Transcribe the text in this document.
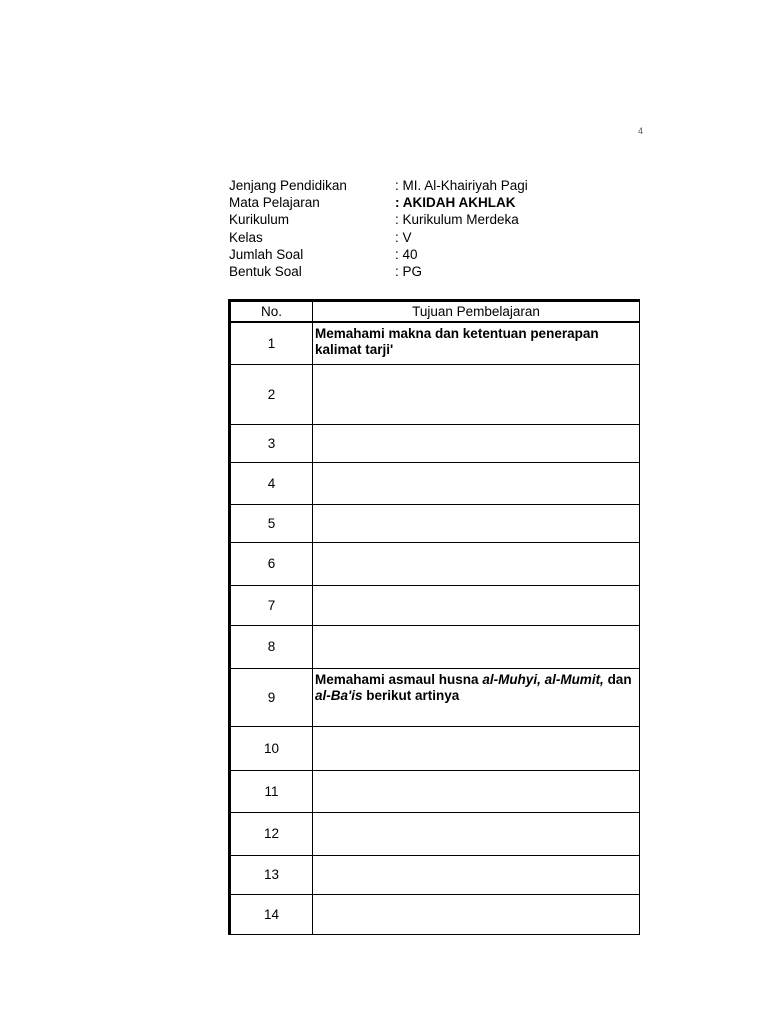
4
Jenjang Pendidikan	: MI. Al-Khairiyah Pagi
Mata Pelajaran	: AKIDAH AKHLAK
Kurikulum	: Kurikulum Merdeka
Kelas	: V
Jumlah Soal	: 40
Bentuk Soal	: PG
No.	Tujuan Pembelajaran
1	Memahami makna dan ketentuan penerapan kalimat tarji'
2	
3	
4	
5	
6	
7	
8	
9	Memahami asmaul husna al-Muhyi, al-Mumit, dan al-Ba'is berikut artinya
10	
11	
12	
13	
14	
